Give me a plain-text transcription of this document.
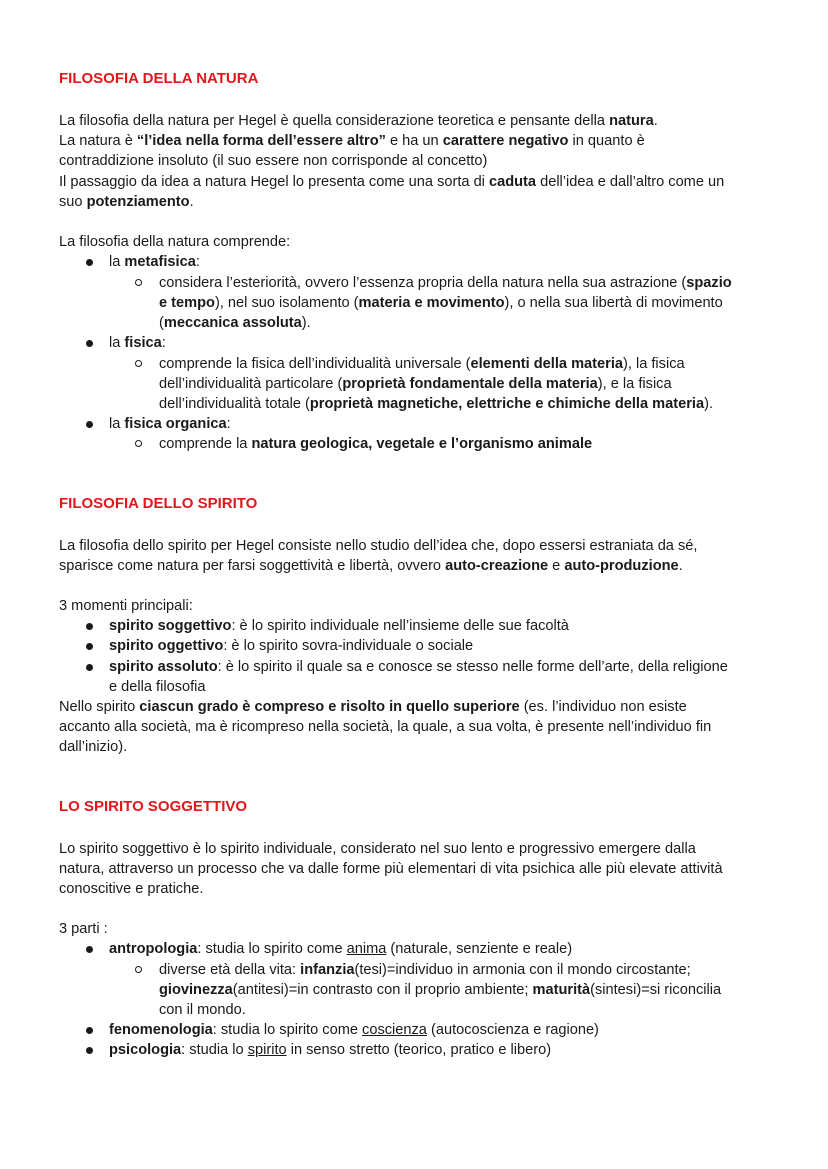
FILOSOFIA DELLA NATURA
La filosofia della natura per Hegel è quella considerazione teoretica e pensante della natura.
La natura è “l’idea nella forma dell’essere altro” e ha un carattere negativo in quanto è
contraddizione insoluto (il suo essere non corrisponde al concetto)
Il passaggio da idea a natura Hegel lo presenta come una sorta di caduta dell’idea e dall’altro come un
suo potenziamento.
La filosofia della natura comprende:
la metafisica:
considera l’esteriorità, ovvero l’essenza propria della natura nella sua astrazione (spazio
e tempo), nel suo isolamento (materia e movimento), o nella sua libertà di movimento
(meccanica assoluta).
la fisica:
comprende la fisica dell’individualità universale (elementi della materia), la fisica
dell’individualità particolare (proprietà fondamentale della materia), e la fisica
dell’individualità totale (proprietà magnetiche, elettriche e chimiche della materia).
la fisica organica:
comprende la natura geologica, vegetale e l’organismo animale
FILOSOFIA DELLO SPIRITO
La filosofia dello spirito per Hegel consiste nello studio dell’idea che, dopo essersi estraniata da sé,
sparisce come natura per farsi soggettività e libertà, ovvero auto-creazione e auto-produzione.
3 momenti principali:
spirito soggettivo: è lo spirito individuale nell’insieme delle sue facoltà
spirito oggettivo: è lo spirito sovra-individuale o sociale
spirito assoluto: è lo spirito il quale sa e conosce se stesso nelle forme dell’arte, della religione
e della filosofia
Nello spirito ciascun grado è compreso e risolto in quello superiore (es. l’individuo non esiste
accanto alla società, ma è ricompreso nella società, la quale, a sua volta, è presente nell’individuo fin
dall’inizio).
LO SPIRITO SOGGETTIVO
Lo spirito soggettivo è lo spirito individuale, considerato nel suo lento e progressivo emergere dalla
natura, attraverso un processo che va dalle forme più elementari di vita psichica alle più elevate attività
conoscitive e pratiche.
3 parti :
antropologia: studia lo spirito come anima (naturale, senziente e reale)
diverse età della vita: infanzia(tesi)=individuo in armonia con il mondo circostante;
giovinezza(antitesi)=in contrasto con il proprio ambiente; maturità(sintesi)=si riconcilia
con il mondo.
fenomenologia: studia lo spirito come coscienza (autocoscienza e ragione)
psicologia: studia lo spirito in senso stretto (teorico, pratico e libero)
